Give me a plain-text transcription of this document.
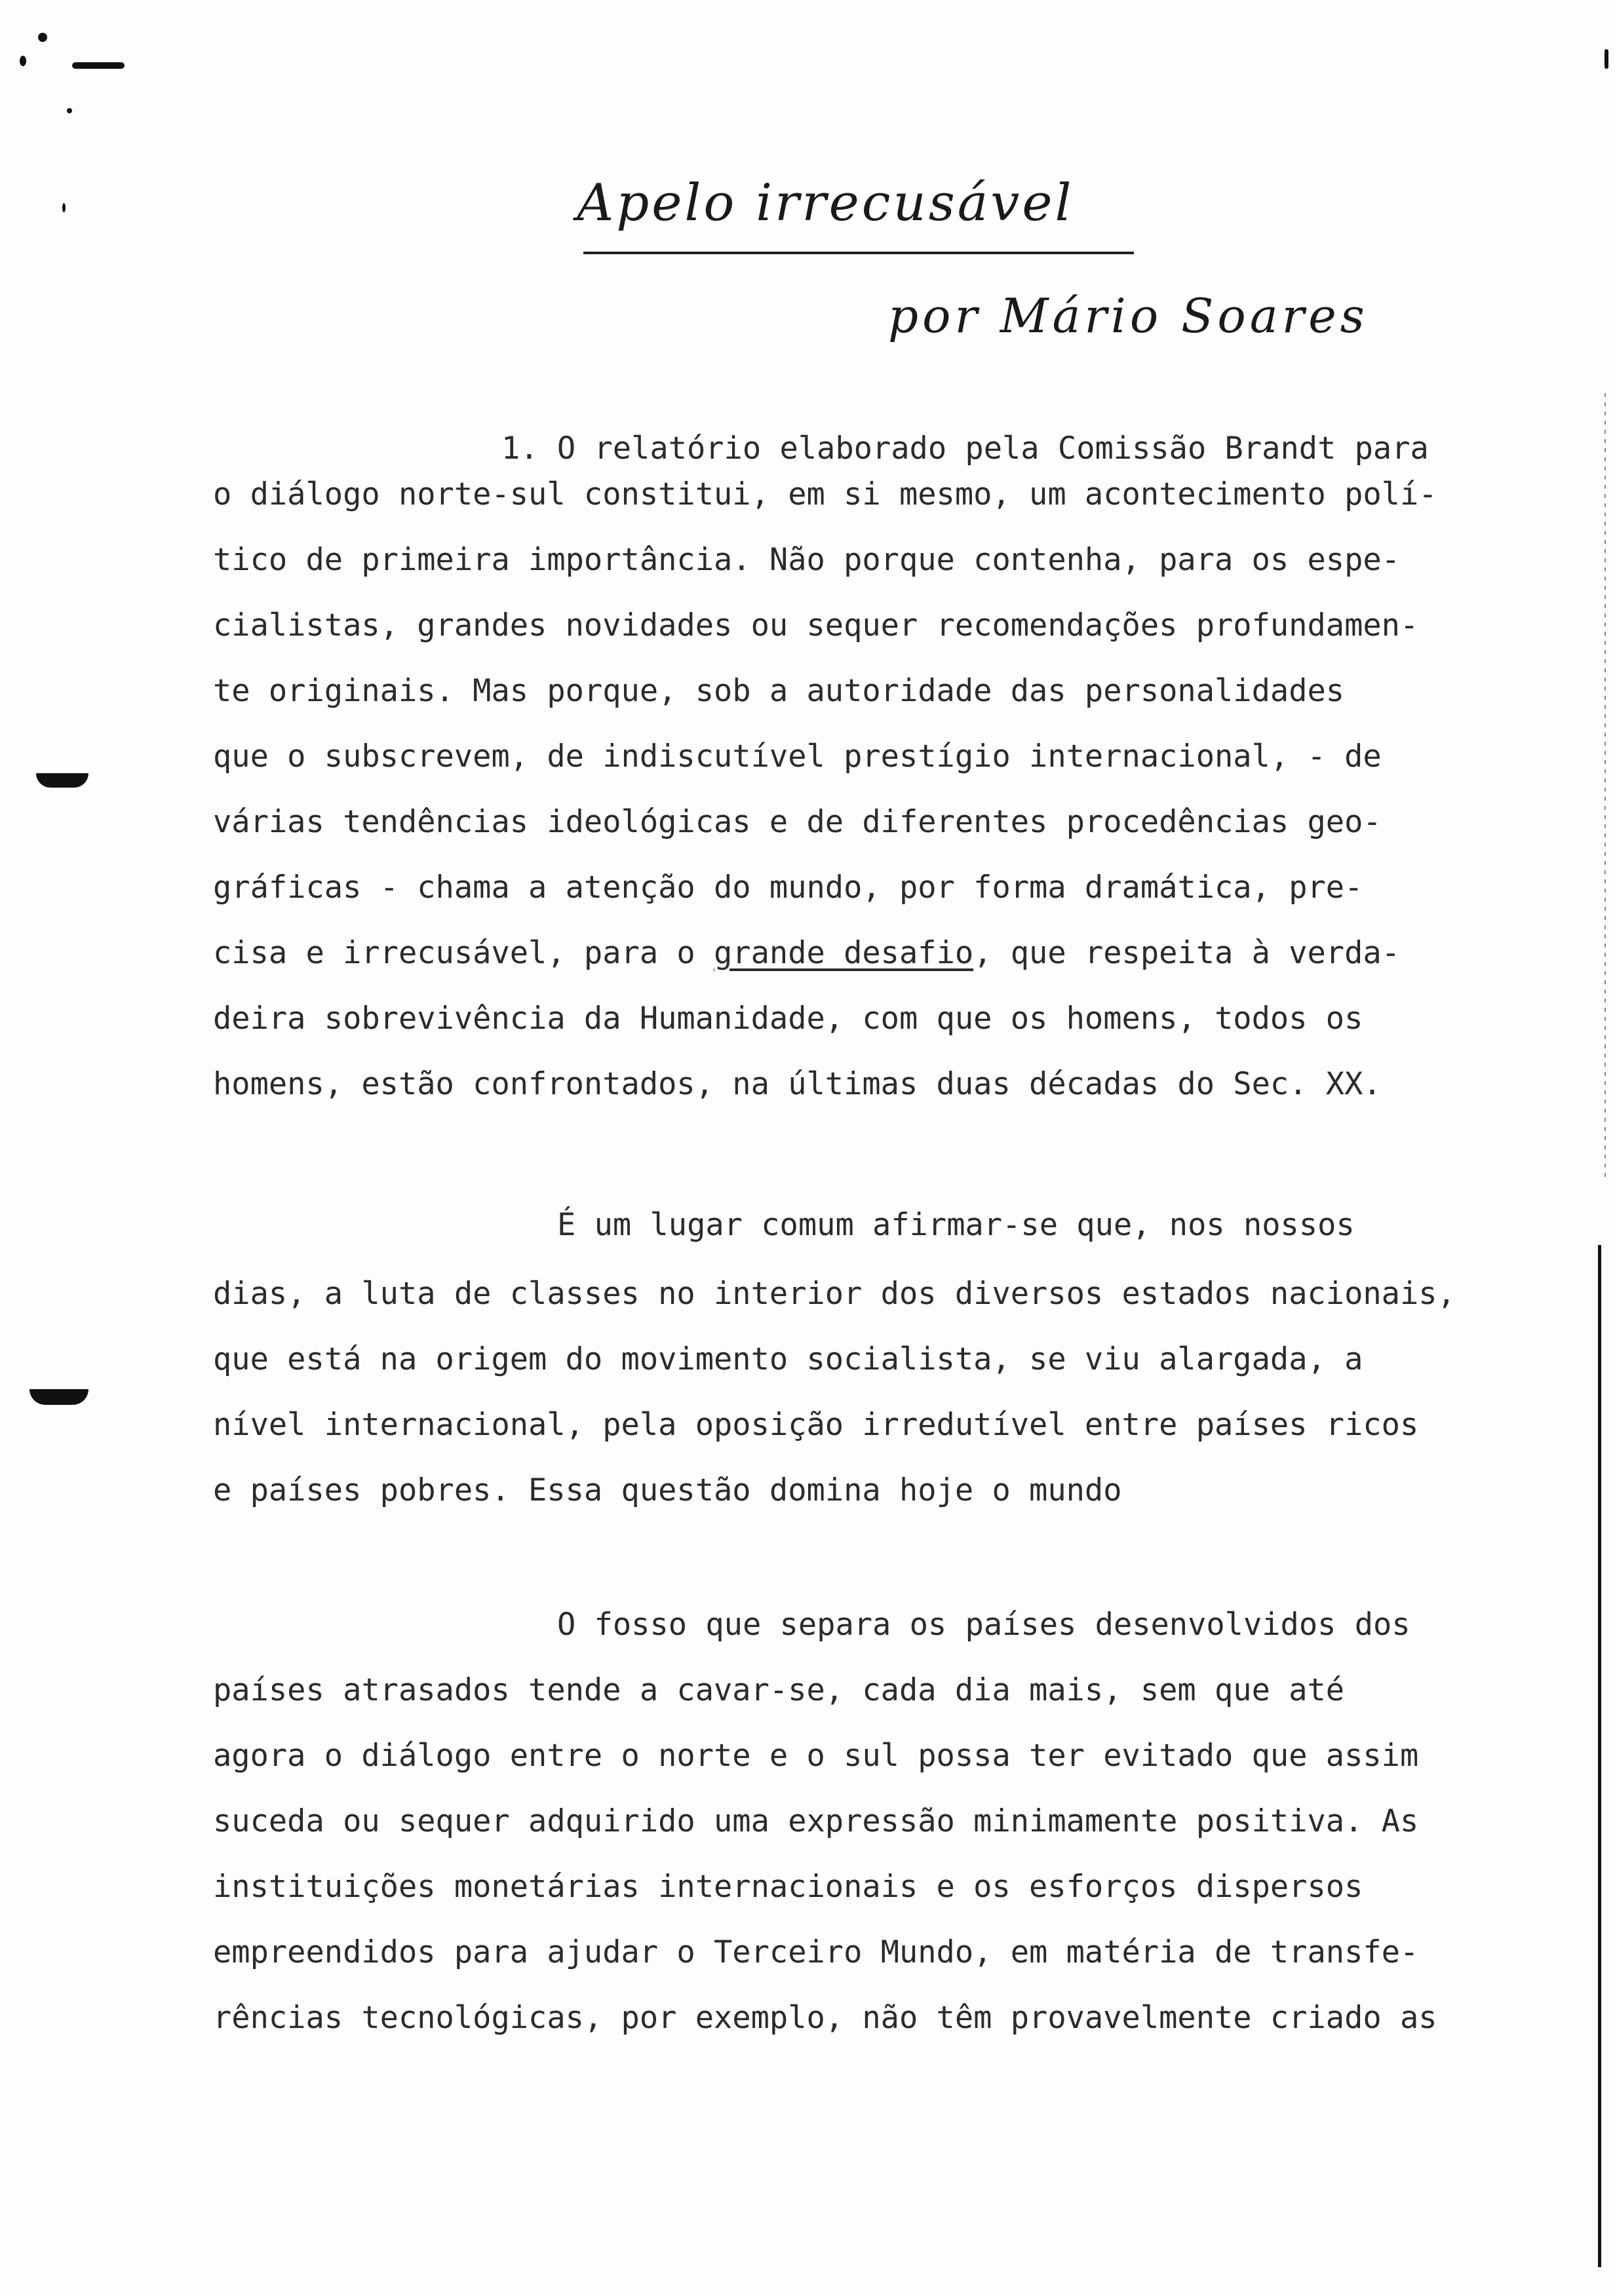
Apelo irrecusável
por Mário Soares
1. O relatório elaborado pela Comissão Brandt para
o diálogo norte-sul constitui, em si mesmo, um acontecimento polí-
tico de primeira importância. Não porque contenha, para os espe-
cialistas, grandes novidades ou sequer recomendações profundamen-
te originais. Mas porque, sob a autoridade das personalidades
que o subscrevem, de indiscutível prestígio internacional, - de
várias tendências ideológicas e de diferentes procedências geo-
gráficas - chama a atenção do mundo, por forma dramática, pre-
cisa e irrecusável, para o grande desafio, que respeita à verda-
deira sobrevivência da Humanidade, com que os homens, todos os
homens, estão confrontados, na últimas duas décadas do Sec. XX.
É um lugar comum afirmar-se que, nos nossos
dias, a luta de classes no interior dos diversos estados nacionais,
que está na origem do movimento socialista, se viu alargada, a
nível internacional, pela oposição irredutível entre países ricos
e países pobres. Essa questão domina hoje o mundo
O fosso que separa os países desenvolvidos dos
países atrasados tende a cavar-se, cada dia mais, sem que até
agora o diálogo entre o norte e o sul possa ter evitado que assim
suceda ou sequer adquirido uma expressão minimamente positiva. As
instituições monetárias internacionais e os esforços dispersos
empreendidos para ajudar o Terceiro Mundo, em matéria de transfe-
rências tecnológicas, por exemplo, não têm provavelmente criado as
